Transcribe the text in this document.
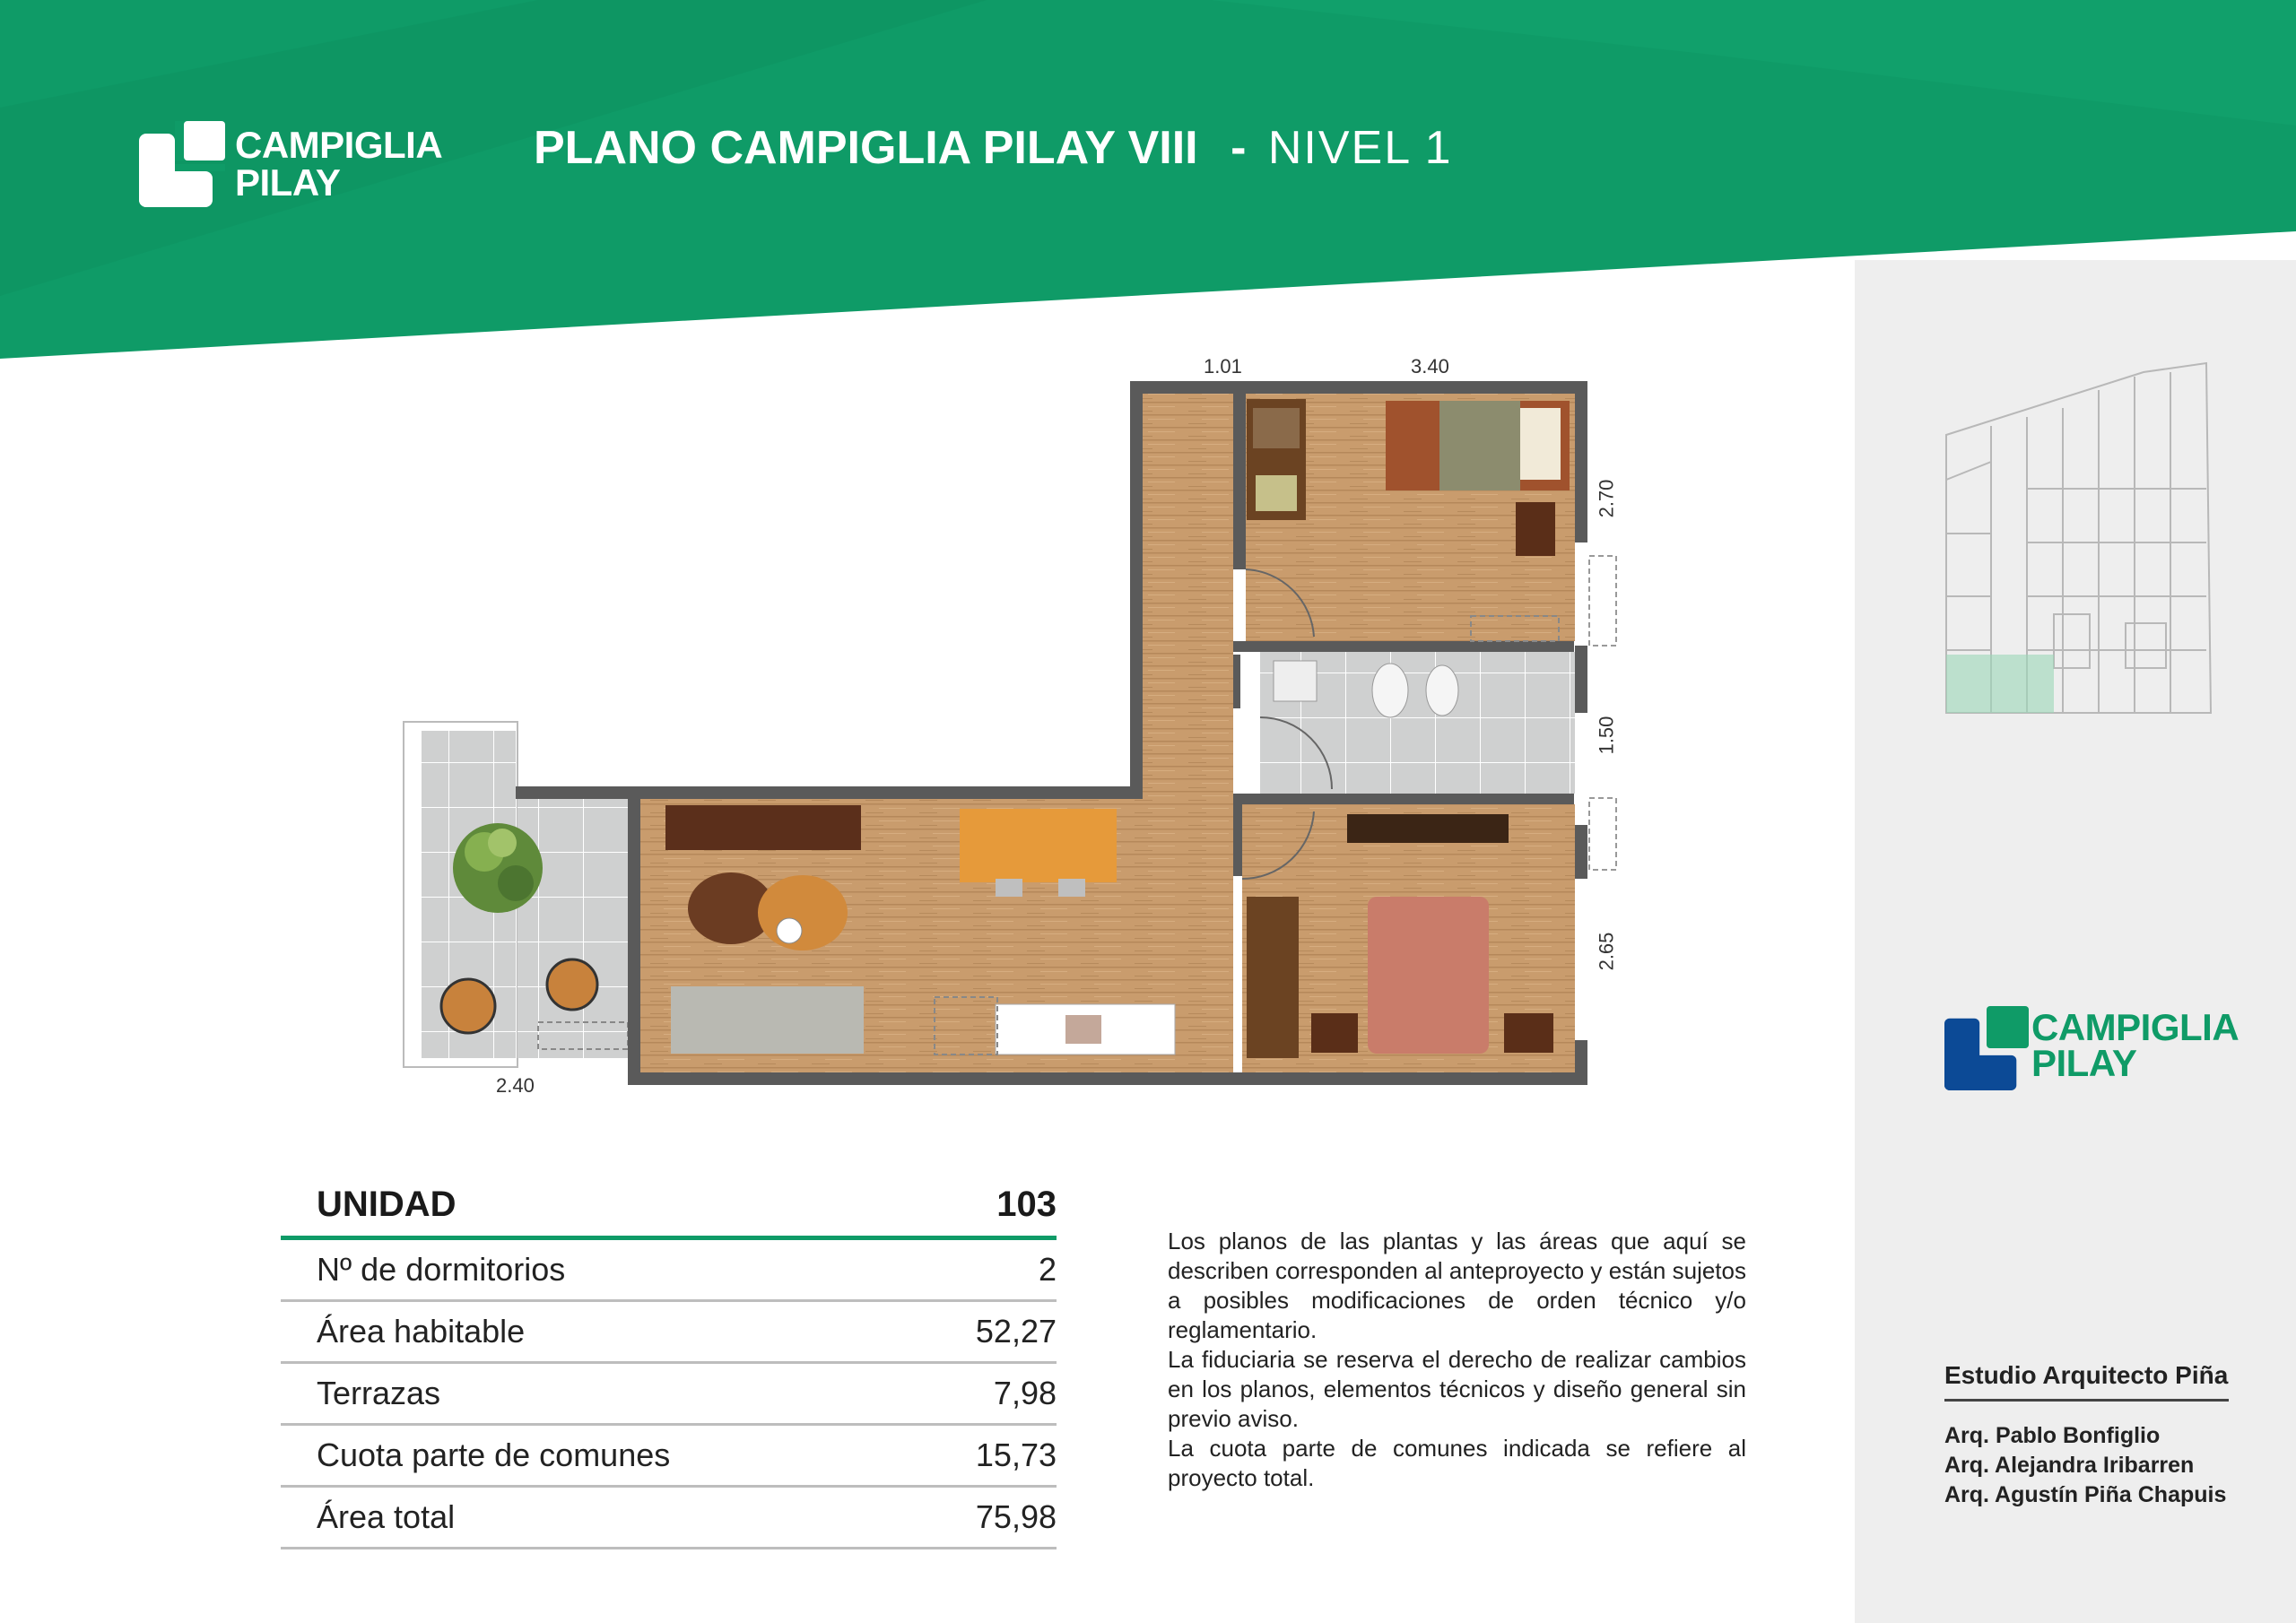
CAMPIGLIA
PILAY
PLANO CAMPIGLIA PILAY VIII - NIVEL 1
1.01	3.40
2.70
1.50
2.65
2.40
CAMPIGLIA
PILAY
UNIDAD	103
Nº de dormitorios	2
Área habitable	52,27
Terrazas	7,98
Cuota parte de comunes	15,73
Área total	75,98

Los planos de las plantas y las áreas que aquí se describen corresponden al anteproyecto y están sujetos a posibles modificaciones de orden técnico y/o reglamentario.

La fiduciaria se reserva el derecho de realizar cambios en los planos, elementos técnicos y diseño general sin previo aviso.

La cuota parte de comunes indicada se refiere al proyecto total.

Estudio Arquitecto Piña
Arq. Pablo Bonfiglio
Arq. Alejandra Iribarren
Arq. Agustín Piña Chapuis
